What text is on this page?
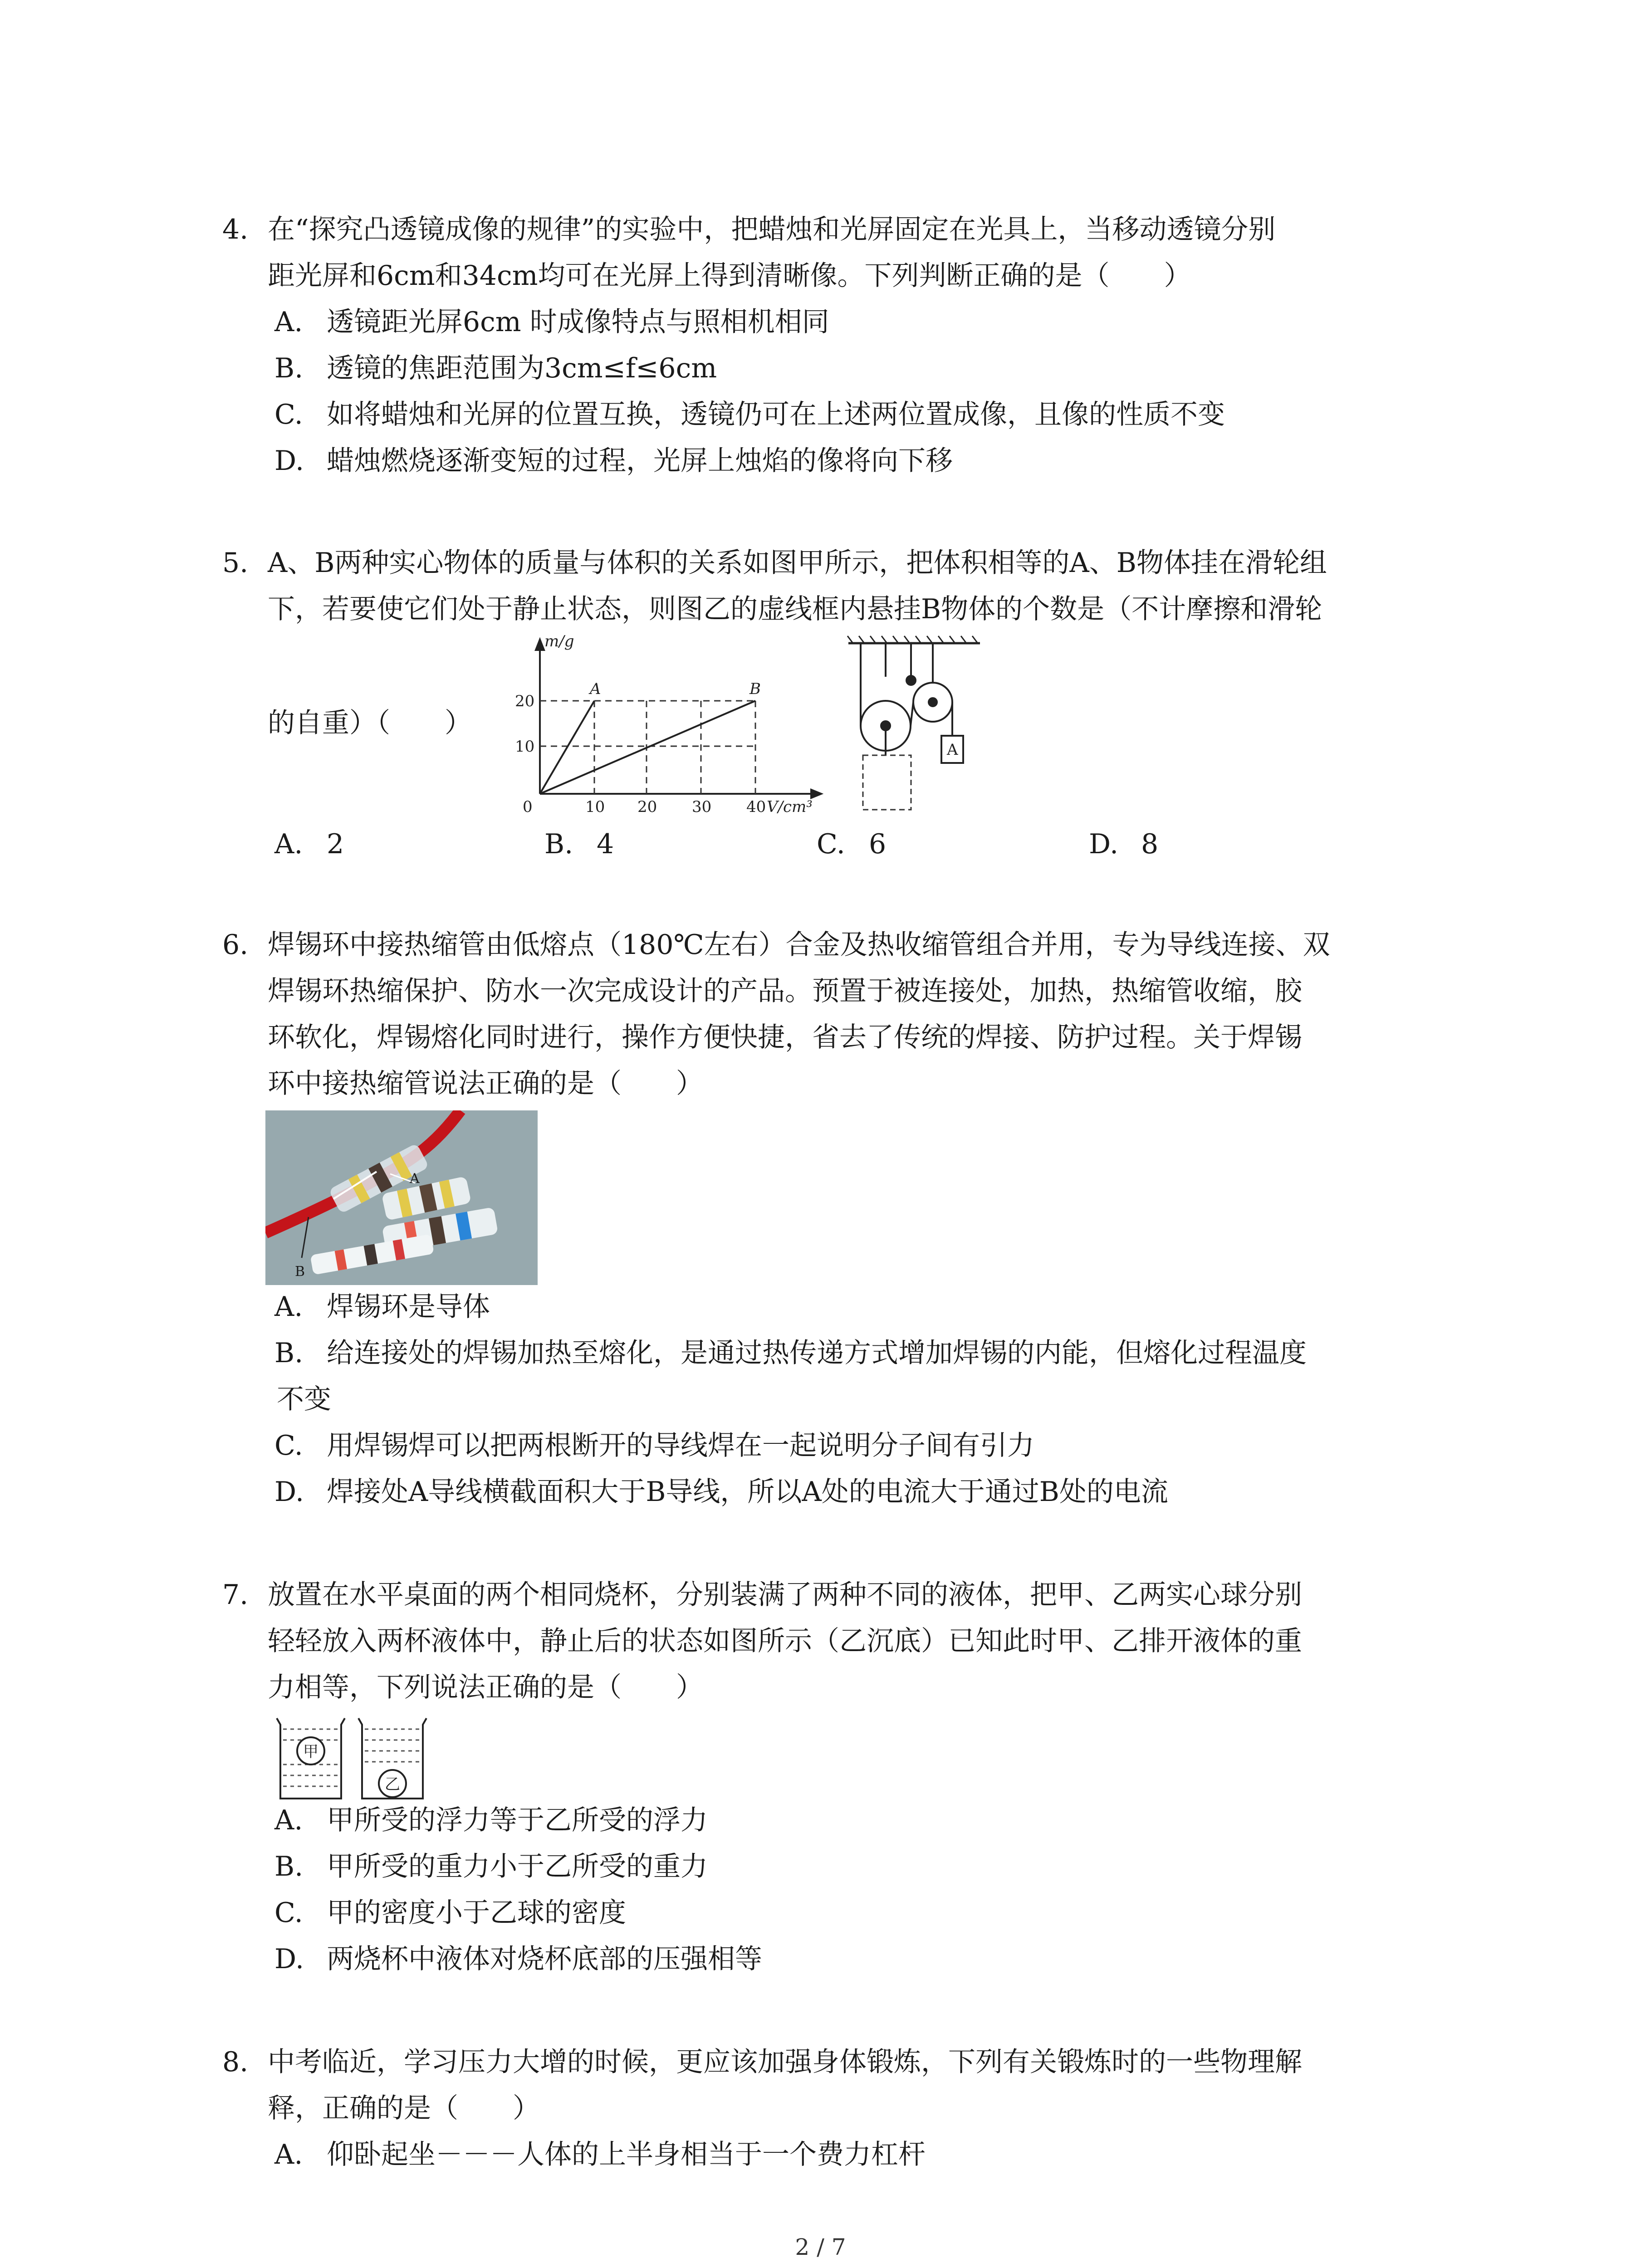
4. 在“探究凸透镜成像的规律”的实验中，把蜡烛和光屏固定在光具上，当移动透镜分别

距光屏和6cm和34cm均可在光屏上得到清晰像。下列判断正确的是（　　）

A. 透镜距光屏6cm 时成像特点与照相机相同
B. 透镜的焦距范围为3cm≤f≤6cm
C. 如将蜡烛和光屏的位置互换，透镜仍可在上述两位置成像，且像的性质不变
D. 蜡烛燃烧逐渐变短的过程，光屏上烛焰的像将向下移
5. A、B两种实心物体的质量与体积的关系如图甲所示，把体积相等的A、B物体挂在滑轮组

下，若要使它们处于静止状态，则图乙的虚线框内悬挂B物体的个数是（不计摩擦和滑轮

的自重）（　　）

m/g
V/cm³
0	10 20 30 40
10
20
A	B
A
A. 2	B. 4	C. 6	D. 8
6. 焊锡环中接热缩管由低熔点（180℃左右）合金及热收缩管组合并用，专为导线连接、双

焊锡环热缩保护、防水一次完成设计的产品。预置于被连接处，加热，热缩管收缩，胶

环软化，焊锡熔化同时进行，操作方便快捷，省去了传统的焊接、防护过程。关于焊锡

环中接热缩管说法正确的是（　　）

A
B
A. 焊锡环是导体
B. 给连接处的焊锡加热至熔化，是通过热传递方式增加焊锡的内能，但熔化过程温度

不变

C. 用焊锡焊可以把两根断开的导线焊在一起说明分子间有引力
D. 焊接处A导线横截面积大于B导线，所以A处的电流大于通过B处的电流
7. 放置在水平桌面的两个相同烧杯，分别装满了两种不同的液体，把甲、乙两实心球分别

轻轻放入两杯液体中，静止后的状态如图所示（乙沉底）已知此时甲、乙排开液体的重

力相等，下列说法正确的是（　　）

甲
乙
A. 甲所受的浮力等于乙所受的浮力
B. 甲所受的重力小于乙所受的重力
C. 甲的密度小于乙球的密度
D. 两烧杯中液体对烧杯底部的压强相等
8. 中考临近，学习压力大增的时候，更应该加强身体锻炼，下列有关锻炼时的一些物理解

释，正确的是（　　）

A. 仰卧起坐－－－人体的上半身相当于一个费力杠杆
2 / 7
